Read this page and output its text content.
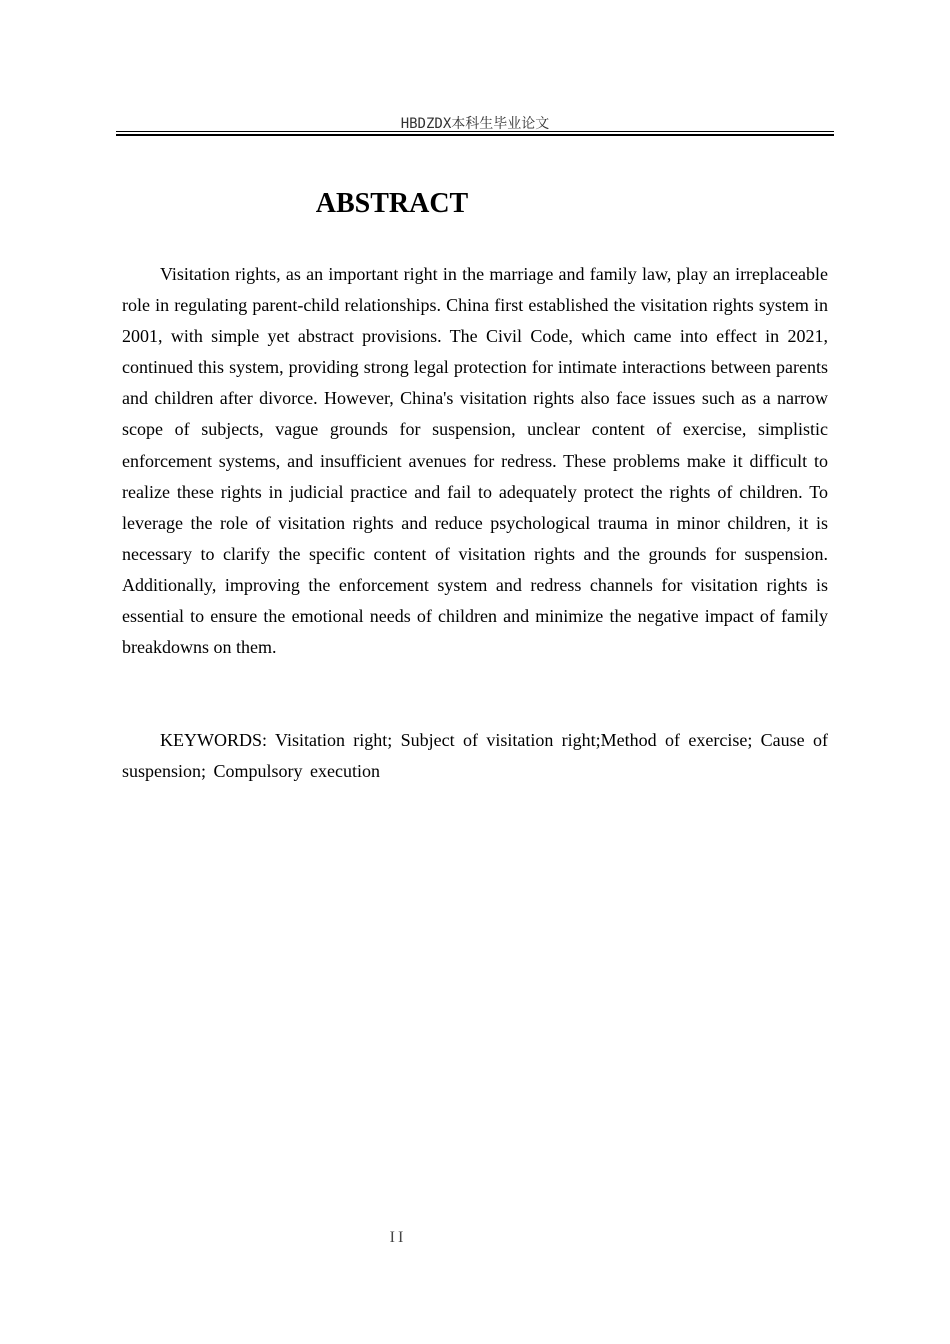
HBDZDX本科生毕业论文
ABSTRACT

Visitation rights, as an important right in the marriage and family law, play an irreplaceable role in regulating parent-child relationships. China first established the visitation rights system in 2001, with simple yet abstract provisions. The Civil Code, which came into effect in 2021, continued this system, providing strong legal protection for intimate interactions between parents and children after divorce. However, China's visitation rights also face issues such as a narrow scope of subjects, vague grounds for suspension, unclear content of exercise, simplistic enforcement systems, and insufficient avenues for redress. These problems make it difficult to realize these rights in judicial practice and fail to adequately protect the rights of children. To leverage the role of visitation rights and reduce psychological trauma in minor children, it is necessary to clarify the specific content of visitation rights and the grounds for suspension. Additionally, improving the enforcement system and redress channels for visitation rights is essential to ensure the emotional needs of children and minimize the negative impact of family breakdowns on them.

KEYWORDS: Visitation right; Subject of visitation right;Method of exercise; Cause of suspension; Compulsory execution

II
